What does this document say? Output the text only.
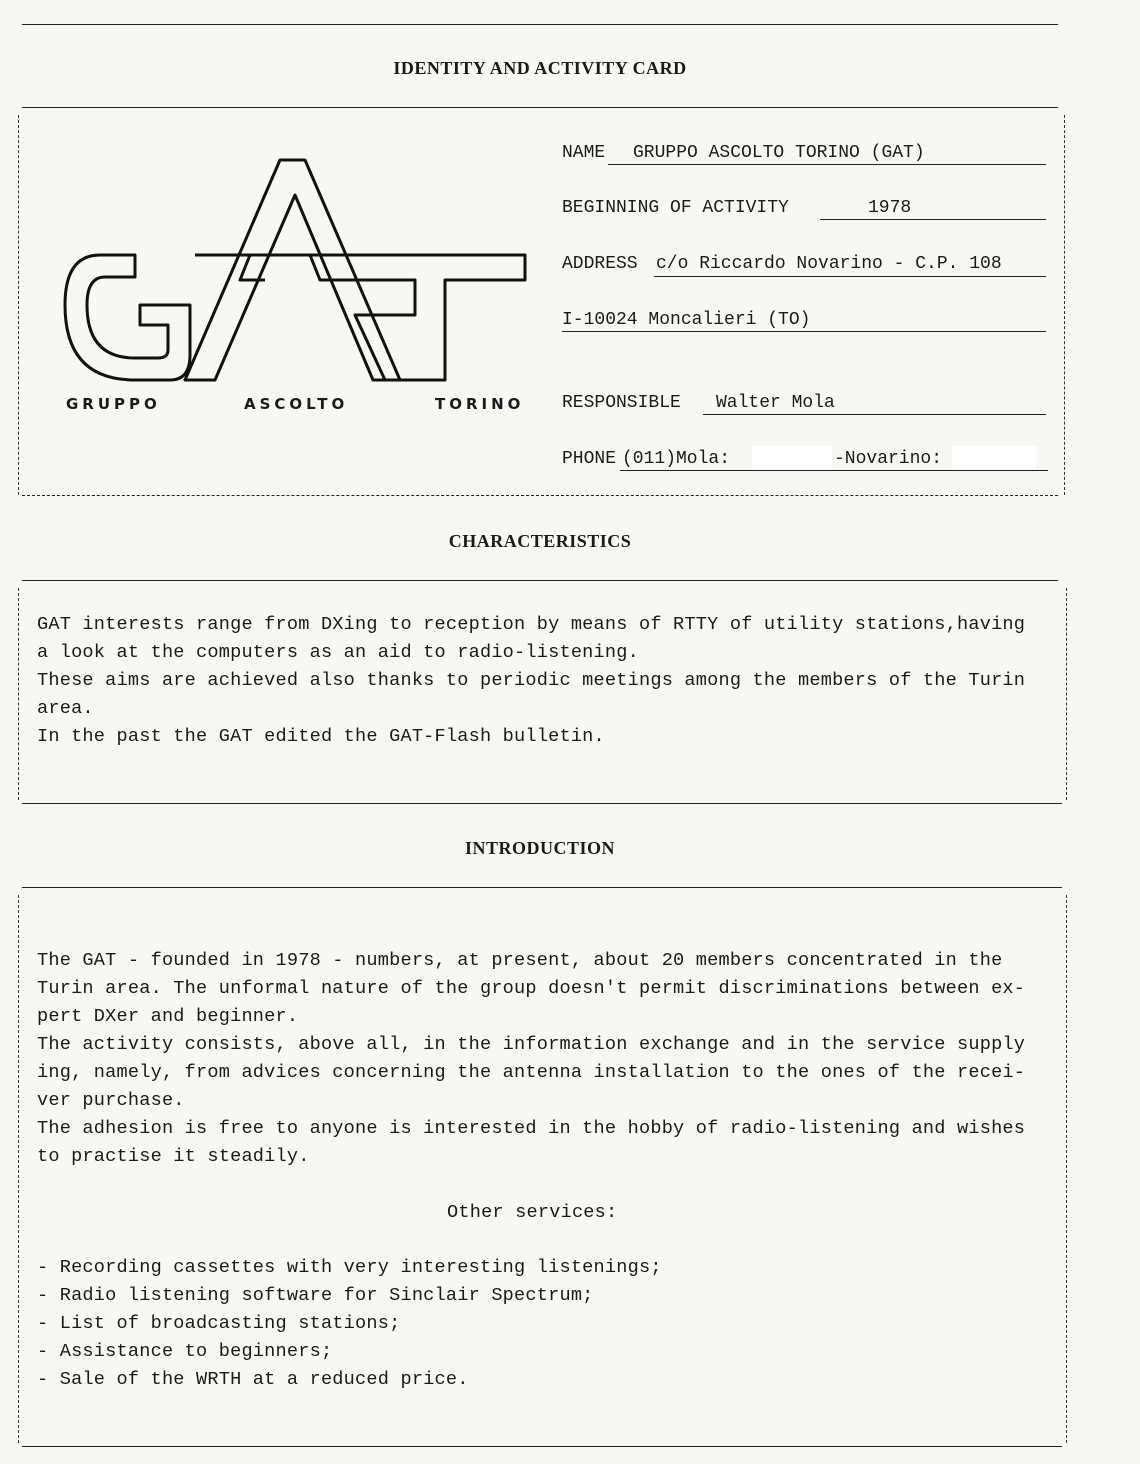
IDENTITY AND ACTIVITY CARD
GRUPPO	ASCOLTO	TORINO
NAME GRUPPO ASCOLTO TORINO (GAT)
BEGINNING OF ACTIVITY	1978
ADDRESS c/o Riccardo Novarino - C.P. 108
I-10024 Moncalieri (TO)
RESPONSIBLE Walter Mola
PHONE (011)Mola:	-Novarino:
CHARACTERISTICS
GAT interests range from DXing to reception by means of RTTY of utility stations,having
a look at the computers as an aid to radio-listening.
These aims are achieved also thanks to periodic meetings among the members of the Turin
area.
In the past the GAT edited the GAT-Flash bulletin.
INTRODUCTION
The GAT - founded in 1978 - numbers, at present, about 20 members concentrated in the
Turin area. The unformal nature of the group doesn't permit discriminations between ex-
pert DXer and beginner.
The activity consists, above all, in the information exchange and in the service supply
ing, namely, from advices concerning the antenna installation to the ones of the recei-
ver purchase.
The adhesion is free to anyone is interested in the hobby of radio-listening and wishes
to practise it steadily.
Other services:
- Recording cassettes with very interesting listenings;
- Radio listening software for Sinclair Spectrum;
- List of broadcasting stations;
- Assistance to beginners;
- Sale of the WRTH at a reduced price.
